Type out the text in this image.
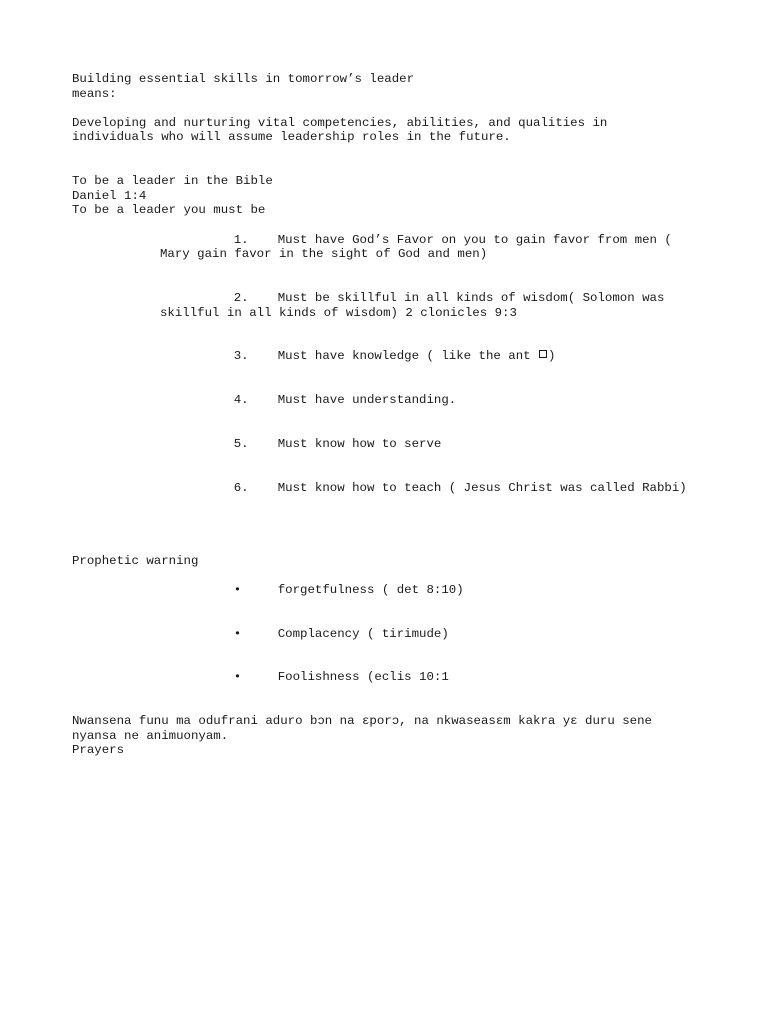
Building essential skills in tomorrow’s leader
means:
Developing and nurturing vital competencies, abilities, and qualities in individuals who will assume leadership roles in the future.
To be a leader in the Bible
Daniel 1:4
To be a leader you must be

1. Must have God’s Favor on you to gain favor from men ( Mary gain favor in the sight of God and men)

2. Must be skillful in all kinds of wisdom( Solomon was skillful in all kinds of wisdom) 2 clonicles 9:3

3. Must have knowledge ( like the ant )

4. Must have understanding.

5. Must know how to serve

6. Must know how to teach ( Jesus Christ was called Rabbi)

Prophetic warning

•	forgetfulness ( det 8:10)

•	Complacency ( tirimude)

•	Foolishness (eclis 10:1

Nwansena funu ma odufrani aduro bɔn na ɛporɔ, na nkwaseasɛm kakra yɛ duru sene nyansa ne animuonyam.
Prayers
